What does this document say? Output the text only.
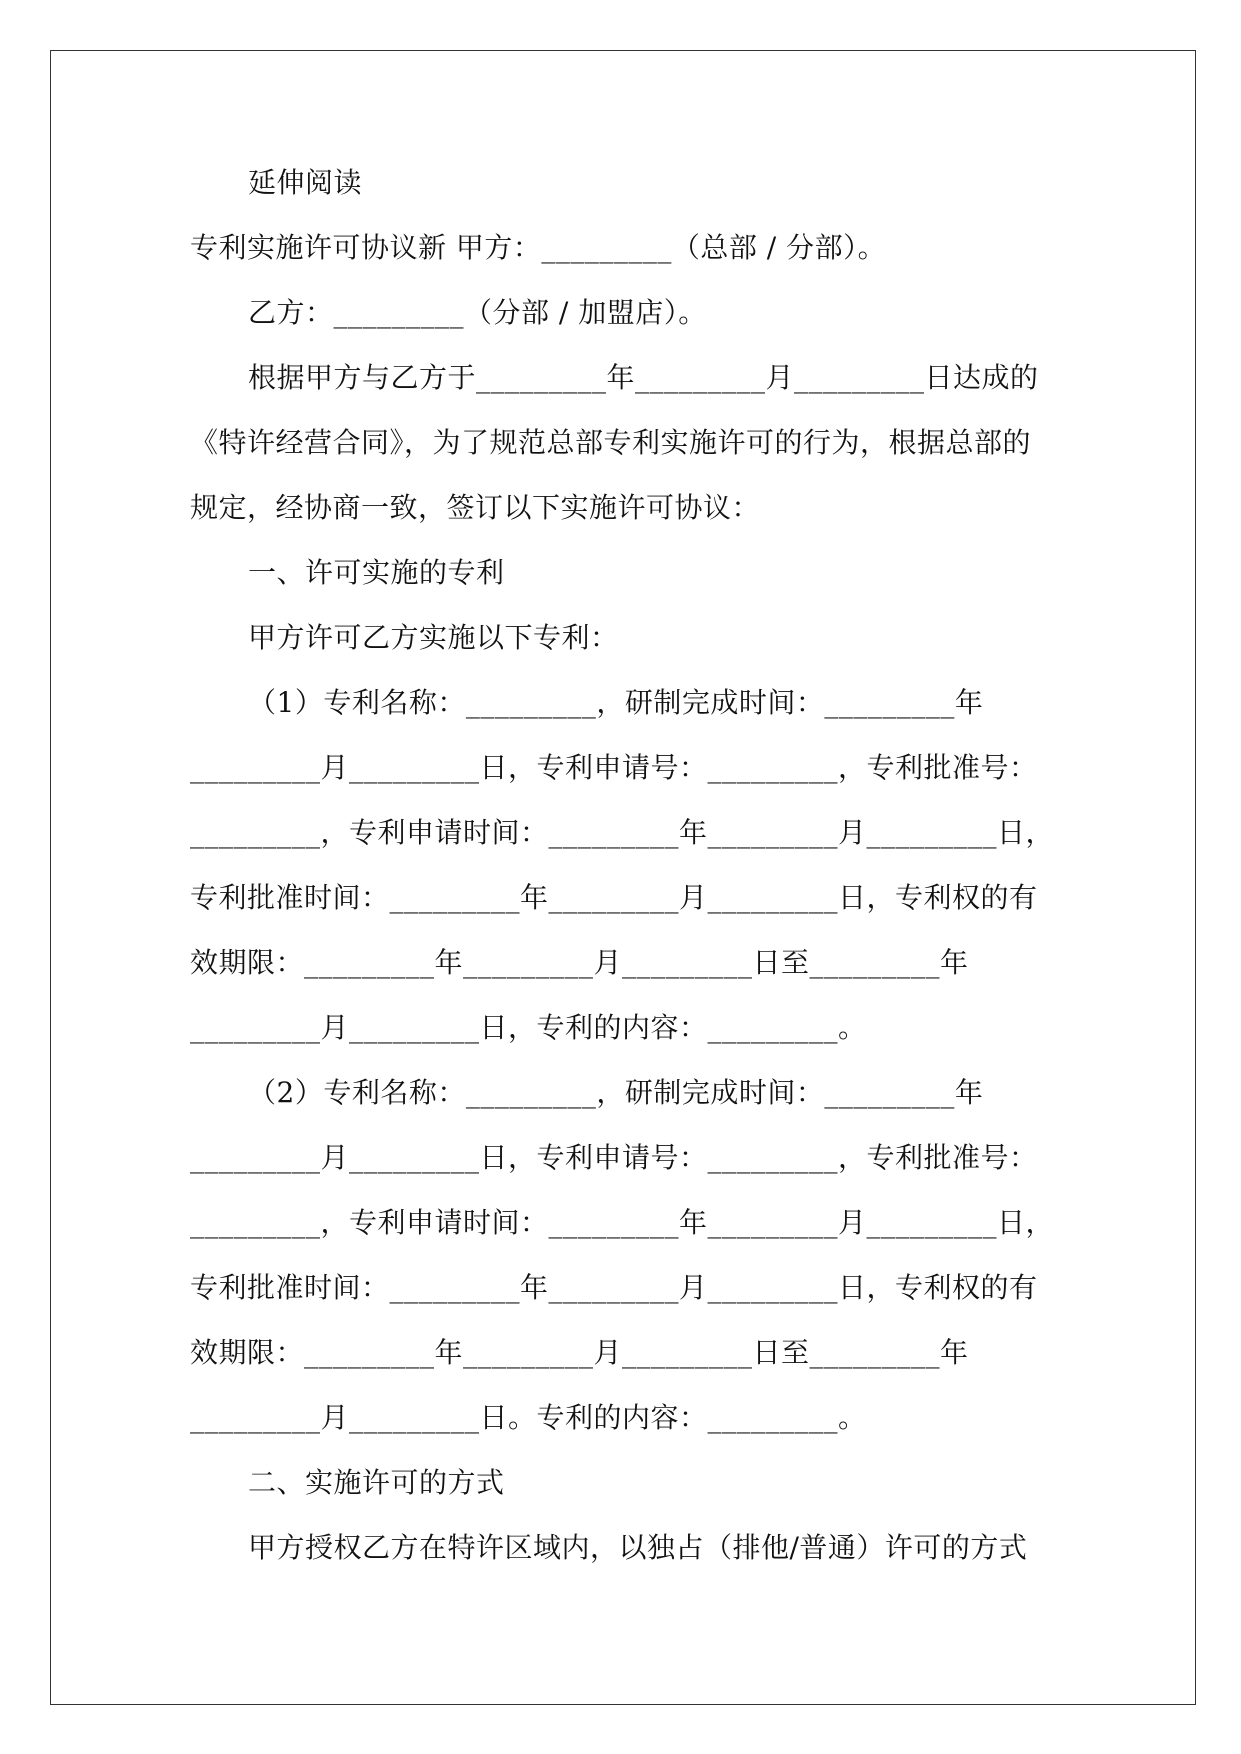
延伸阅读
专利实施许可协议新 甲方：_________（总部 / 分部）。
乙方：_________（分部 / 加盟店）。
根据甲方与乙方于_________年_________月_________日达成的
《特许经营合同》，为了规范总部专利实施许可的行为，根据总部的
规定，经协商一致，签订以下实施许可协议：
一、许可实施的专利
甲方许可乙方实施以下专利：
（1）专利名称：_________，研制完成时间：_________年
_________月_________日，专利申请号：_________，专利批准号：
_________，专利申请时间：_________年_________月_________日，
专利批准时间：_________年_________月_________日，专利权的有
效期限：_________年_________月_________日至_________年
_________月_________日，专利的内容：_________。
（2）专利名称：_________，研制完成时间：_________年
_________月_________日，专利申请号：_________，专利批准号：
_________，专利申请时间：_________年_________月_________日，
专利批准时间：_________年_________月_________日，专利权的有
效期限：_________年_________月_________日至_________年
_________月_________日。专利的内容：_________。
二、实施许可的方式
甲方授权乙方在特许区域内，以独占（排他/普通）许可的方式
